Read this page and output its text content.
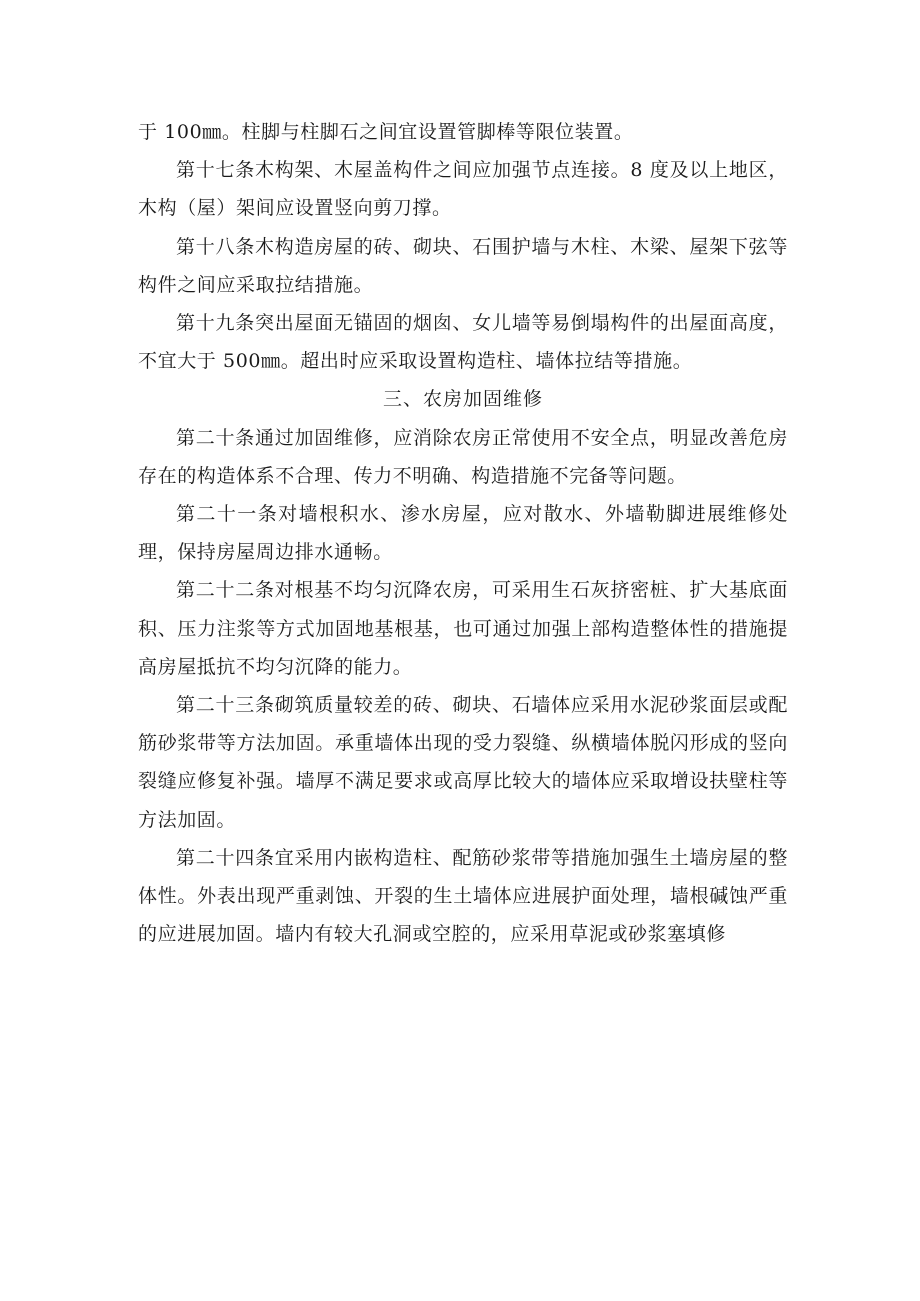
于 100㎜。柱脚与柱脚石之间宜设置管脚棒等限位装置。

第十七条木构架、木屋盖构件之间应加强节点连接。8 度及以上地区，木构（屋）架间应设置竖向剪刀撑。

第十八条木构造房屋的砖、砌块、石围护墙与木柱、木梁、屋架下弦等构件之间应采取拉结措施。

第十九条突出屋面无锚固的烟囱、女儿墙等易倒塌构件的出屋面高度，不宜大于 500㎜。超出时应采取设置构造柱、墙体拉结等措施。

三、农房加固维修

第二十条通过加固维修，应消除农房正常使用不安全点，明显改善危房存在的构造体系不合理、传力不明确、构造措施不完备等问题。

第二十一条对墙根积水、渗水房屋，应对散水、外墙勒脚进展维修处理，保持房屋周边排水通畅。

第二十二条对根基不均匀沉降农房，可采用生石灰挤密桩、扩大基底面积、压力注浆等方式加固地基根基，也可通过加强上部构造整体性的措施提高房屋抵抗不均匀沉降的能力。

第二十三条砌筑质量较差的砖、砌块、石墙体应采用水泥砂浆面层或配筋砂浆带等方法加固。承重墙体出现的受力裂缝、纵横墙体脱闪形成的竖向裂缝应修复补强。墙厚不满足要求或高厚比较大的墙体应采取增设扶壁柱等方法加固。

第二十四条宜采用内嵌构造柱、配筋砂浆带等措施加强生土墙房屋的整体性。外表出现严重剥蚀、开裂的生土墙体应进展护面处理，墙根碱蚀严重的应进展加固。墙内有较大孔洞或空腔的，应采用草泥或砂浆塞填修
